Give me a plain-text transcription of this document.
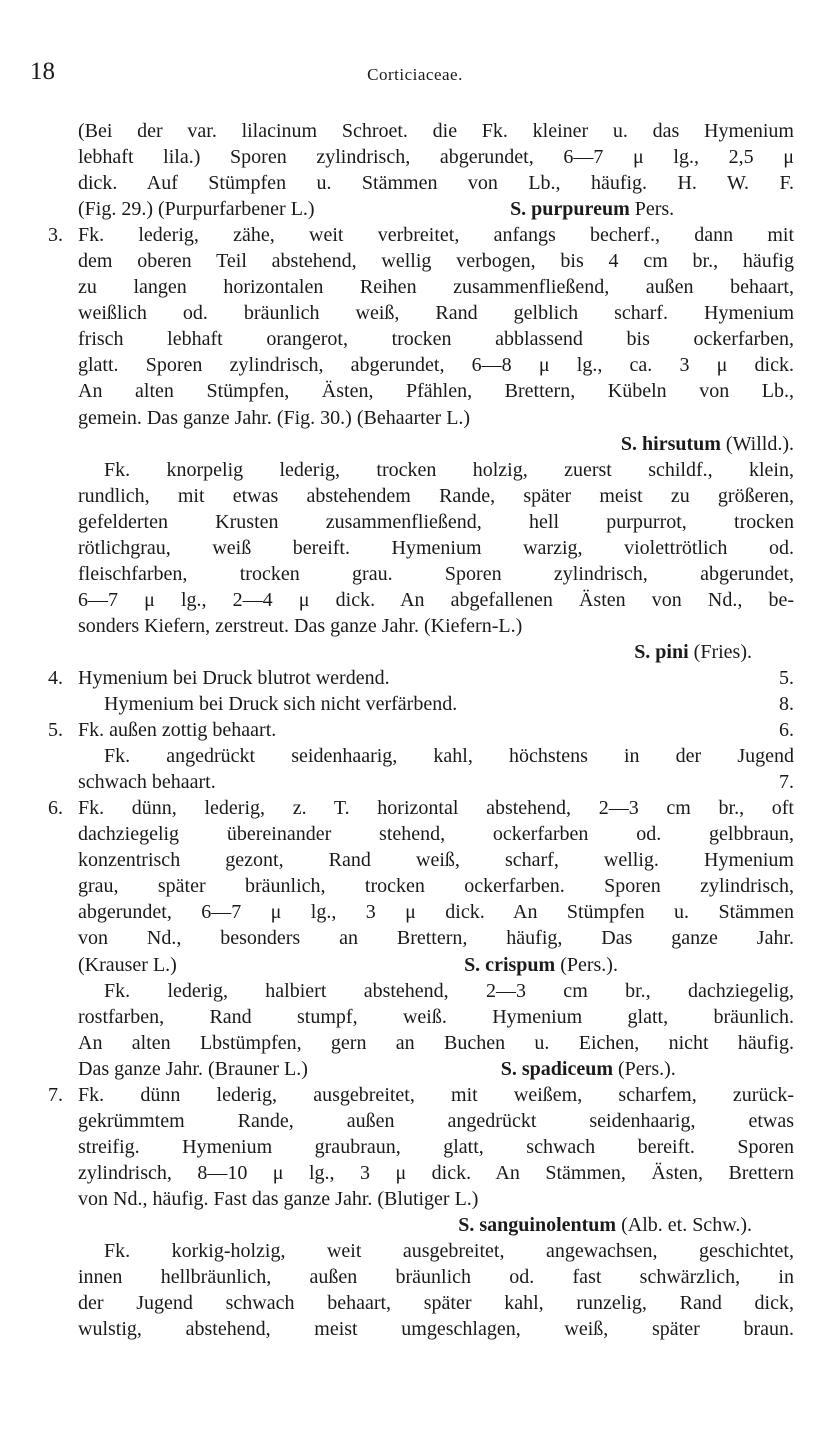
18	Corticiaceae.
(Bei der var. lilacinum Schroet. die Fk. kleiner u. das Hymenium
lebhaft lila.) Sporen zylindrisch, abgerundet, 6—7 μ lg., 2,5 μ
dick. Auf Stümpfen u. Stämmen von Lb., häufig. H. W. F.
(Fig. 29.) (Purpurfarbener L.)	S. purpureum Pers.
3. Fk. lederig, zähe, weit verbreitet, anfangs becherf., dann mit
dem oberen Teil abstehend, wellig verbogen, bis 4 cm br., häufig
zu langen horizontalen Reihen zusammenfließend, außen behaart,
weißlich od. bräunlich weiß, Rand gelblich scharf. Hymenium
frisch lebhaft orangerot, trocken abblassend bis ockerfarben,
glatt. Sporen zylindrisch, abgerundet, 6—8 μ lg., ca. 3 μ dick.
An alten Stümpfen, Ästen, Pfählen, Brettern, Kübeln von Lb.,
gemein. Das ganze Jahr. (Fig. 30.) (Behaarter L.)
S. hirsutum (Willd.).
Fk. knorpelig lederig, trocken holzig, zuerst schildf., klein,
rundlich, mit etwas abstehendem Rande, später meist zu größeren,
gefelderten Krusten zusammenfließend, hell purpurrot, trocken
rötlichgrau, weiß bereift. Hymenium warzig, violettrötlich od.
fleischfarben, trocken grau. Sporen zylindrisch, abgerundet,
6—7 μ lg., 2—4 μ dick. An abgefallenen Ästen von Nd., be-
sonders Kiefern, zerstreut. Das ganze Jahr. (Kiefern-L.)
S. pini (Fries).
4. Hymenium bei Druck blutrot werdend.	5.
Hymenium bei Druck sich nicht verfärbend.	8.
5. Fk. außen zottig behaart.	6.
Fk. angedrückt seidenhaarig, kahl, höchstens in der Jugend
schwach behaart.	7.
6. Fk. dünn, lederig, z. T. horizontal abstehend, 2—3 cm br., oft
dachziegelig übereinander stehend, ockerfarben od. gelbbraun,
konzentrisch gezont, Rand weiß, scharf, wellig. Hymenium
grau, später bräunlich, trocken ockerfarben. Sporen zylindrisch,
abgerundet, 6—7 μ lg., 3 μ dick. An Stümpfen u. Stämmen
von Nd., besonders an Brettern, häufig, Das ganze Jahr.
(Krauser L.)	S. crispum (Pers.).
Fk. lederig, halbiert abstehend, 2—3 cm br., dachziegelig,
rostfarben, Rand stumpf, weiß. Hymenium glatt, bräunlich.
An alten Lbstümpfen, gern an Buchen u. Eichen, nicht häufig.
Das ganze Jahr. (Brauner L.)	S. spadiceum (Pers.).
7. Fk. dünn lederig, ausgebreitet, mit weißem, scharfem, zurück-
gekrümmtem Rande, außen angedrückt seidenhaarig, etwas
streifig. Hymenium graubraun, glatt, schwach bereift. Sporen
zylindrisch, 8—10 μ lg., 3 μ dick. An Stämmen, Ästen, Brettern
von Nd., häufig. Fast das ganze Jahr. (Blutiger L.)
S. sanguinolentum (Alb. et. Schw.).
Fk. korkig-holzig, weit ausgebreitet, angewachsen, geschichtet,
innen hellbräunlich, außen bräunlich od. fast schwärzlich, in
der Jugend schwach behaart, später kahl, runzelig, Rand dick,
wulstig, abstehend, meist umgeschlagen, weiß, später braun.
